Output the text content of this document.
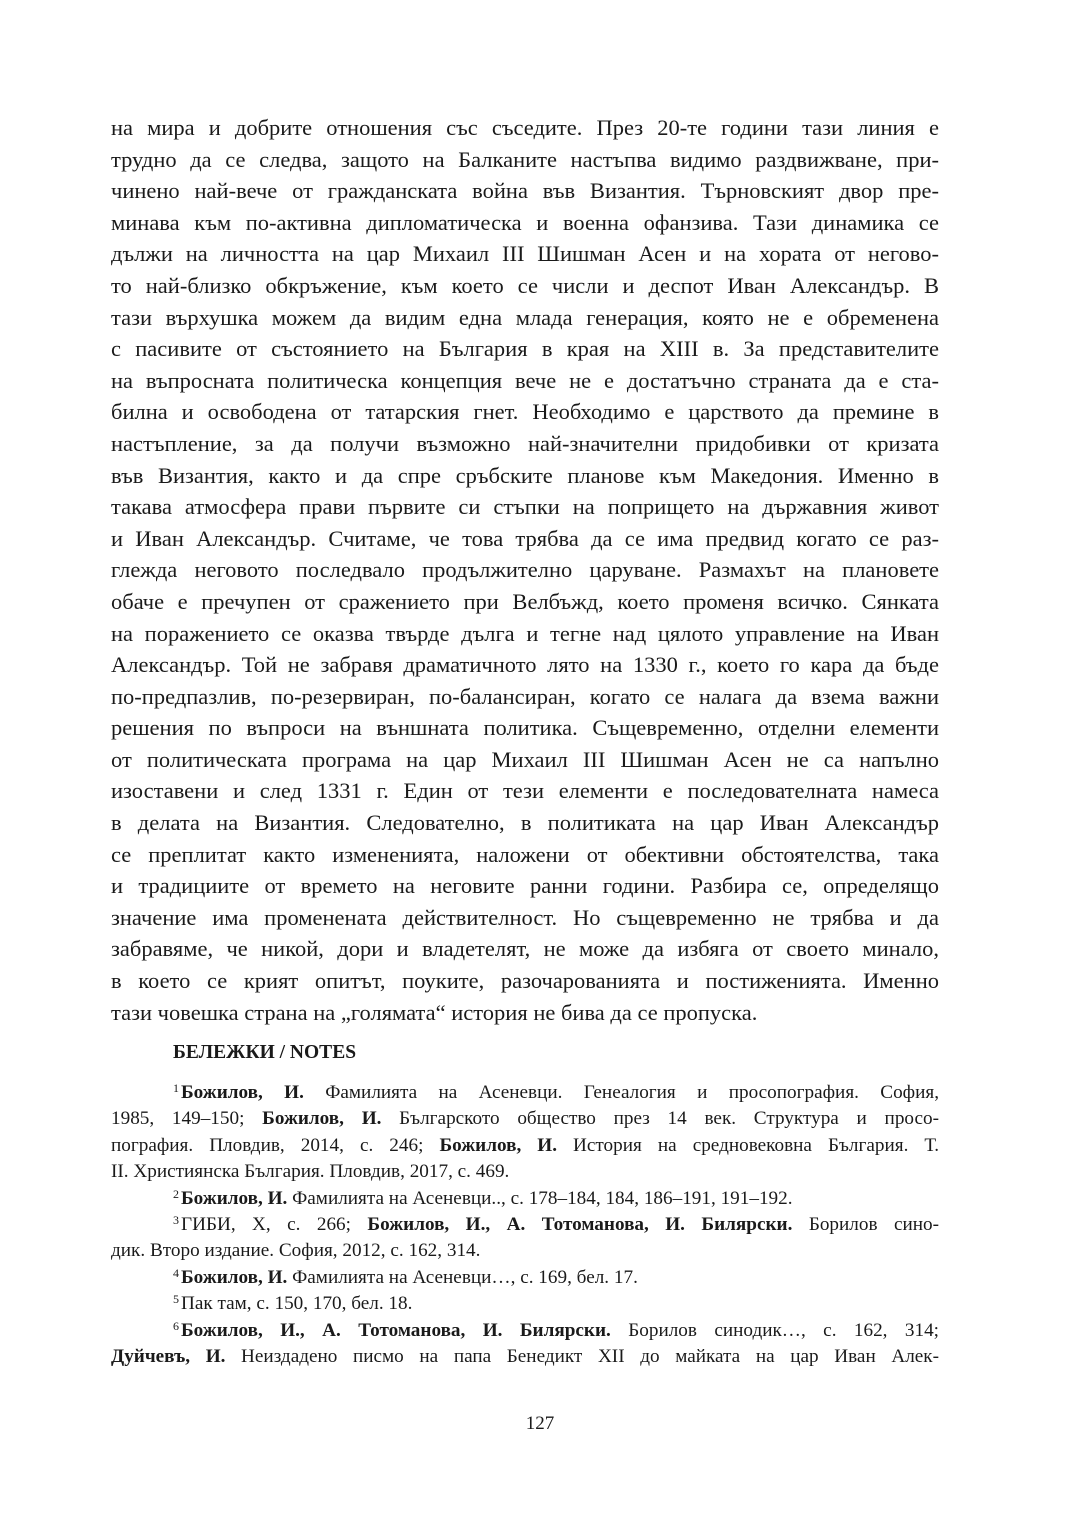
на мира и добрите отношения със съседите. През 20-те години тази линия е
трудно да се следва, защото на Балканите настъпва видимо раздвижване, при-
чинено най-вече от гражданската война във Византия. Търновският двор пре-
минава към по-активна дипломатическа и военна офанзива. Тази динамика се
дължи на личността на цар Михаил III Шишман Асен и на хората от негово-
то най-близко обкръжение, към което се числи и деспот Иван Александър. В
тази върхушка можем да видим една млада генерация, която не е обременена
с пасивите от състоянието на България в края на XIII в. За представителите
на въпросната политическа концепция вече не е достатъчно страната да е ста-
билна и освободена от татарския гнет. Необходимо е царството да премине в
настъпление, за да получи възможно най-значителни придобивки от кризата
във Византия, както и да спре сръбските планове към Македония. Именно в
такава атмосфера прави първите си стъпки на попрището на държавния живот
и Иван Александър. Считаме, че това трябва да се има предвид когато се раз-
глежда неговото последвало продължително царуване. Размахът на плановете
обаче е пречупен от сражението при Велбъжд, което променя всичко. Сянката
на поражението се оказва твърде дълга и тегне над цялото управление на Иван
Александър. Той не забравя драматичното лято на 1330 г., което го кара да бъде
по-предпазлив, по-резервиран, по-балансиран, когато се налага да взема важни
решения по въпроси на външната политика. Същевременно, отделни елементи
от политическата програма на цар Михаил III Шишман Асен не са напълно
изоставени и след 1331 г. Един от тези елементи е последователната намеса
в делата на Византия. Следователно, в политиката на цар Иван Александър
се преплитат както измененията, наложени от обективни обстоятелства, така
и традициите от времето на неговите ранни години. Разбира се, определящо
значение има промененaта действителност. Но същевременно не трябва и да
забравяме, че никой, дори и владетелят, не може да избяга от своето минало,
в което се крият опитът, поуките, разочарованията и постиженията. Именно
тази човешка страна на „голямата“ история не бива да се пропуска.
БЕЛЕЖКИ / NOTES
$^1$ Божилов, И. Фамилията на Асеневци. Генеалогия и просопография. София,
1985, 149–150; Божилов, И. Българското общество през 14 век. Структура и просо-
пография. Пловдив, 2014, с. 246; Божилов, И. История на средновековна България. Т.
II. Християнска България. Пловдив, 2017, с. 469.
$^2$ Божилов, И. Фамилията на Асеневци.., с. 178–184, 184, 186–191, 191–192.
$^3$ ГИБИ, X, с. 266; Божилов, И., А. Тотоманова, И. Билярски. Борилов сино-
дик. Второ издание. София, 2012, с. 162, 314.
$^4$ Божилов, И. Фамилията на Асеневци…, с. 169, бел. 17.
$^5$ Пак там, с. 150, 170, бел. 18.
$^6$ Божилов, И., А. Тотоманова, И. Билярски. Борилов синодик…, с. 162, 314;
Дуйчевъ, И. Неиздадено писмо на папа Бенедикт XII до майката на цар Иван Алек-
127
